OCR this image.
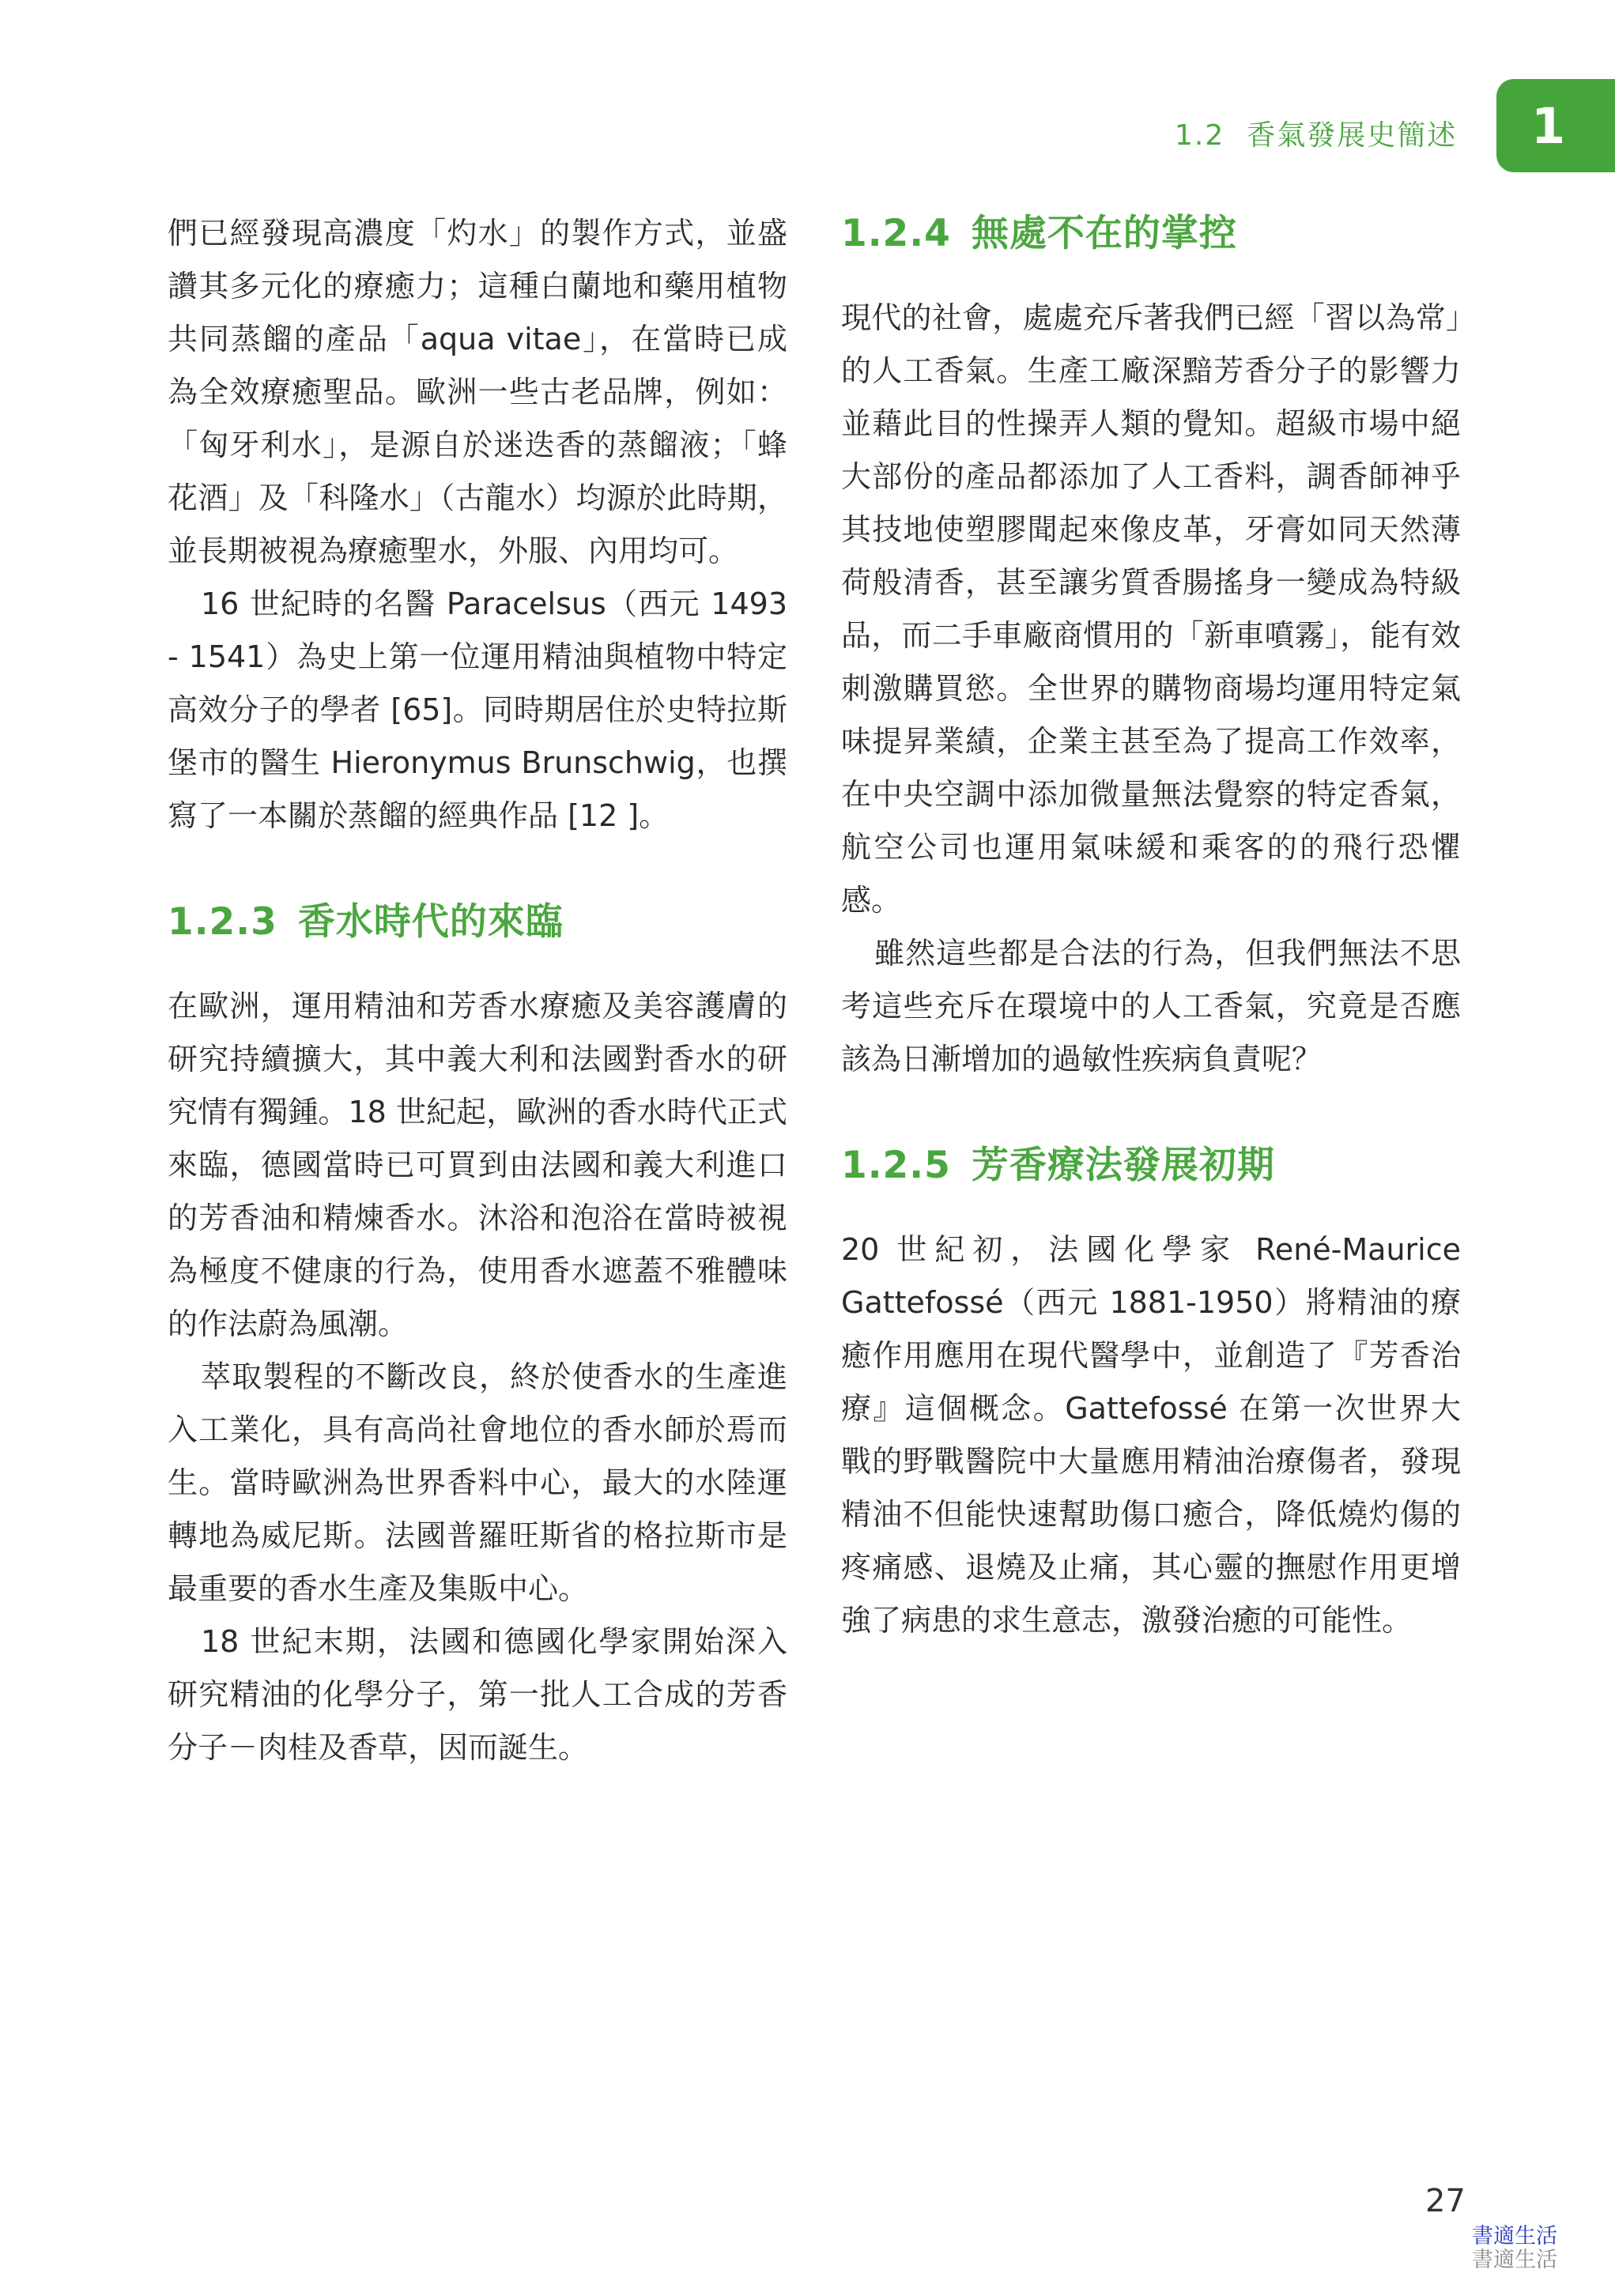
1.2 香氣發展史簡述 1

們已經發現高濃度「灼水」的製作方式，並盛讚其多元化的療癒力；這種白蘭地和藥用植物共同蒸餾的產品「aqua vitae」，在當時已成為全效療癒聖品。歐洲一些古老品牌，例如：「匈牙利水」，是源自於迷迭香的蒸餾液；「蜂花酒」及「科隆水」（古龍水）均源於此時期，並長期被視為療癒聖水，外服、內用均可。

16 世紀時的名醫 Paracelsus（西元 1493 - 1541）為史上第一位運用精油與植物中特定高效分子的學者 [65]。同時期居住於史特拉斯堡市的醫生 Hieronymus Brunschwig，也撰寫了一本關於蒸餾的經典作品 [12 ]。

1.2.3 香水時代的來臨

在歐洲，運用精油和芳香水療癒及美容護膚的研究持續擴大，其中義大利和法國對香水的研究情有獨鍾。18 世紀起，歐洲的香水時代正式來臨，德國當時已可買到由法國和義大利進口的芳香油和精煉香水。沐浴和泡浴在當時被視為極度不健康的行為，使用香水遮蓋不雅體味的作法蔚為風潮。

萃取製程的不斷改良，終於使香水的生產進入工業化，具有高尚社會地位的香水師於焉而生。當時歐洲為世界香料中心，最大的水陸運轉地為威尼斯。法國普羅旺斯省的格拉斯市是最重要的香水生產及集販中心。

18 世紀末期，法國和德國化學家開始深入研究精油的化學分子，第一批人工合成的芳香分子－肉桂及香草，因而誕生。

1.2.4 無處不在的掌控

現代的社會，處處充斥著我們已經「習以為常」的人工香氣。生產工廠深黯芳香分子的影響力並藉此目的性操弄人類的覺知。超級市場中絕大部份的產品都添加了人工香料，調香師神乎其技地使塑膠聞起來像皮革，牙膏如同天然薄荷般清香，甚至讓劣質香腸搖身一變成為特級品，而二手車廠商慣用的「新車噴霧」，能有效刺激購買慾。全世界的購物商場均運用特定氣味提昇業績，企業主甚至為了提高工作效率，在中央空調中添加微量無法覺察的特定香氣，航空公司也運用氣味緩和乘客的的飛行恐懼感。

雖然這些都是合法的行為，但我們無法不思考這些充斥在環境中的人工香氣，究竟是否應該為日漸增加的過敏性疾病負責呢？

1.2.5 芳香療法發展初期

20 世紀初，法國化學家 René-Maurice Gattefossé（西元 1881-1950）將精油的療癒作用應用在現代醫學中，並創造了『芳香治療』這個概念。Gattefossé 在第一次世界大戰的野戰醫院中大量應用精油治療傷者，發現精油不但能快速幫助傷口癒合，降低燒灼傷的疼痛感、退燒及止痛，其心靈的撫慰作用更增強了病患的求生意志，激發治癒的可能性。

27
書適生活
書適生活
